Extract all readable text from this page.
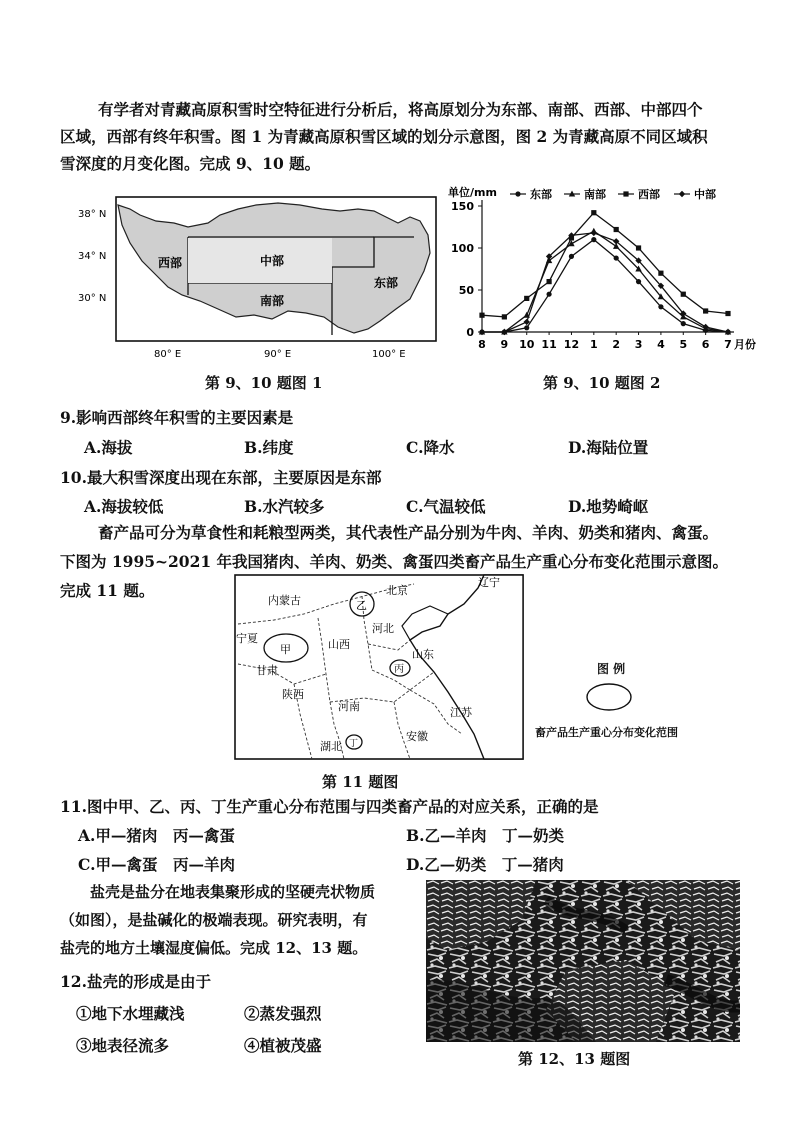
有学者对青藏高原积雪时空特征进行分析后，将高原划分为东部、南部、西部、中部四个
区域，西部有终年积雪。图 1 为青藏高原积雪区域的划分示意图，图 2 为青藏高原不同区域积
雪深度的月变化图。完成 9、10 题。
38° N
34° N
30° N
80° E	90° E	100° E
西部	中部
南部
东部
第 9、10 题图 1
单位/mm	东部	南部	西部	中部
0
50
100
150
8 9 10 11 12 1 2 3 4 5 6 7 月份
第 9、10 题图 2
9.影响西部终年积雪的主要因素是
A.海拔	B.纬度	C.降水	D.海陆位置
10.最大积雪深度出现在东部，主要原因是东部
A.海拔较低	B.水汽较多	C.气温较低	D.地势崎岖
畜产品可分为草食性和耗粮型两类，其代表性产品分别为牛肉、羊肉、奶类和猪肉、禽蛋。
下图为 1995~2021 年我国猪肉、羊肉、奶类、禽蛋四类畜产品生产重心分布变化范围示意图。
完成 11 题。
内蒙古
北京
辽宁
宁夏	山西
河北
甘肃
山东
陕西
河南	江苏
安徽
湖北
甲
乙
丙
丁
第 11 题图
图 例
畜产品生产重心分布变化范围
11.图中甲、乙、丙、丁生产重心分布范围与四类畜产品的对应关系，正确的是
A.甲—猪肉　丙—禽蛋	B.乙—羊肉　丁—奶类
C.甲—禽蛋　丙—羊肉	D.乙—奶类　丁—猪肉
盐壳是盐分在地表集聚形成的坚硬壳状物质
（如图），是盐碱化的极端表现。研究表明，有
盐壳的地方土壤湿度偏低。完成 12、13 题。
12.盐壳的形成是由于
①地下水埋藏浅	②蒸发强烈
③地表径流多	④植被茂盛
第 12、13 题图
